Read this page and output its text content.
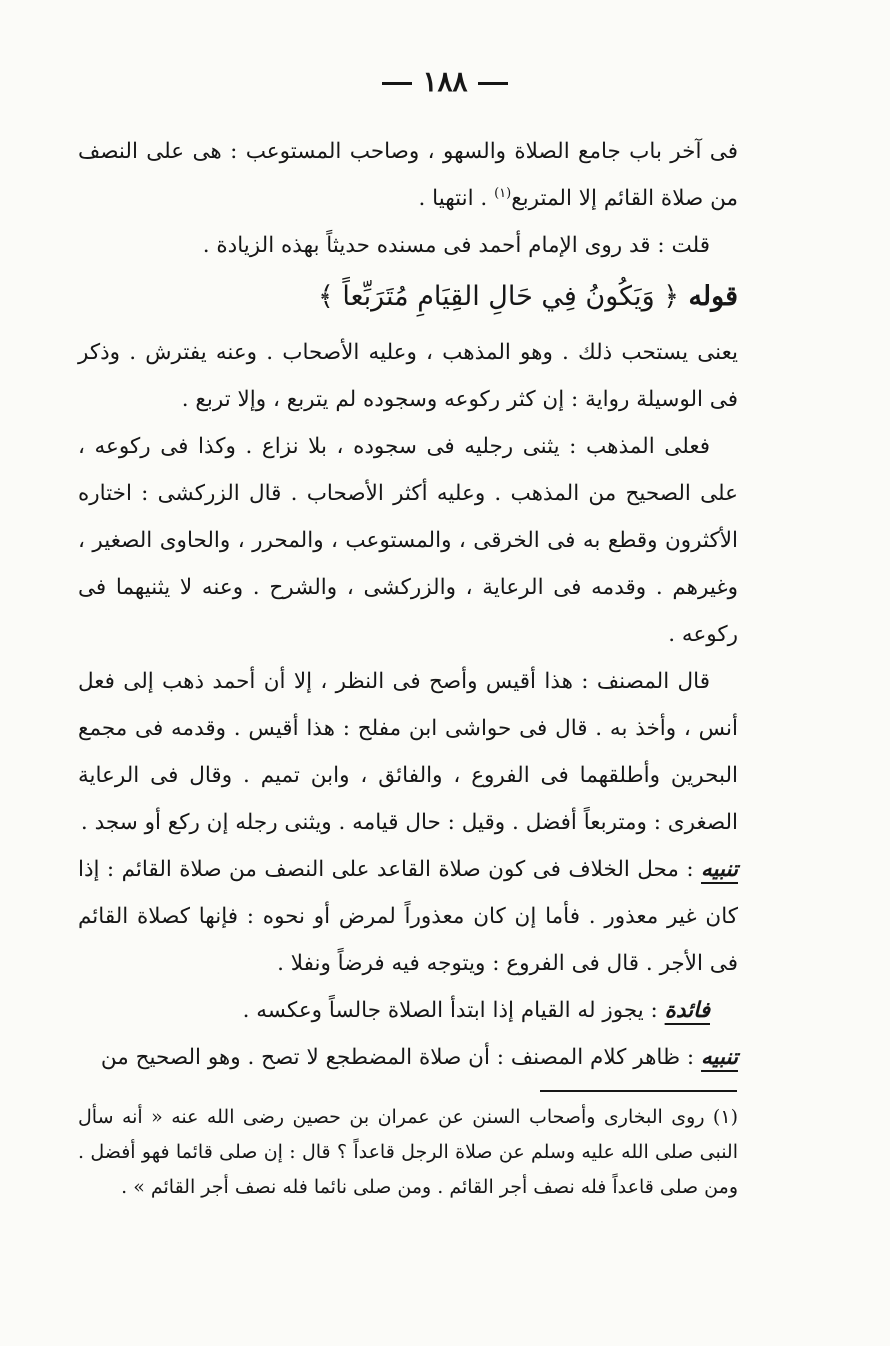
١٨٨

فى آخر باب جامع الصلاة والسهو ، وصاحب المستوعب : هى على النصف من صلاة القائم إلا المتربع$^{(١)}$ . انتهيا .

قلت : قد روى الإمام أحمد فى مسنده حديثاً بهذه الزيادة .

قوله ﴿ وَيَكُونُ فِي حَالِ القِيَامِ مُتَرَبِّعاً ﴾

يعنى يستحب ذلك . وهو المذهب ، وعليه الأصحاب . وعنه يفترش . وذكر فى الوسيلة رواية : إن كثر ركوعه وسجوده لم يتربع ، وإلا تربع .

فعلى المذهب : يثنى رجليه فى سجوده ، بلا نزاع . وكذا فى ركوعه ، على الصحيح من المذهب . وعليه أكثر الأصحاب . قال الزركشى : اختاره الأكثرون وقطع به فى الخرقى ، والمستوعب ، والمحرر ، والحاوى الصغير ، وغيرهم . وقدمه فى الرعاية ، والزركشى ، والشرح . وعنه لا يثنيهما فى ركوعه .

قال المصنف : هذا أقيس وأصح فى النظر ، إلا أن أحمد ذهب إلى فعل أنس ، وأخذ به . قال فى حواشى ابن مفلح : هذا أقيس . وقدمه فى مجمع البحرين وأطلقهما فى الفروع ، والفائق ، وابن تميم . وقال فى الرعاية الصغرى : ومتربعاً أفضل . وقيل : حال قيامه . ويثنى رجله إن ركع أو سجد .

تنبيه : محل الخلاف فى كون صلاة القاعد على النصف من صلاة القائم : إذا كان غير معذور . فأما إن كان معذوراً لمرض أو نحوه : فإنها كصلاة القائم فى الأجر . قال فى الفروع : ويتوجه فيه فرضاً ونفلا .

فائدة : يجوز له القيام إذا ابتدأ الصلاة جالساً وعكسه .

تنبيه : ظاهر كلام المصنف : أن صلاة المضطجع لا تصح . وهو الصحيح من

(١) روى البخارى وأصحاب السنن عن عمران بن حصين رضى الله عنه « أنه سأل النبى صلى الله عليه وسلم عن صلاة الرجل قاعداً ؟ قال : إن صلى قائما فهو أفضل . ومن صلى قاعداً فله نصف أجر القائم . ومن صلى نائما فله نصف أجر القائم » .
